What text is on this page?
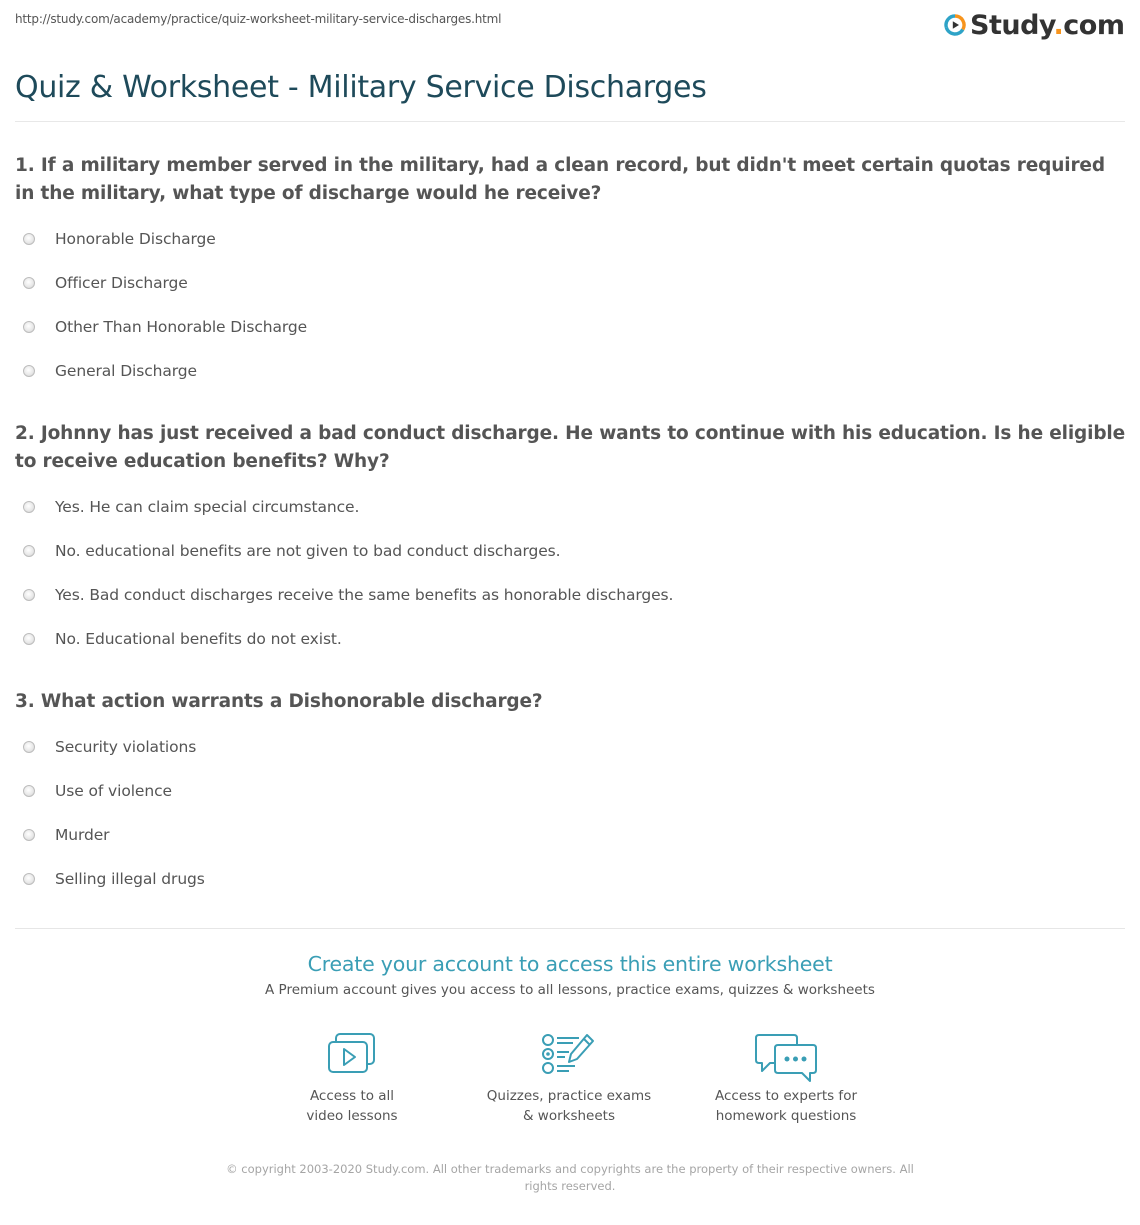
http://study.com/academy/practice/quiz-worksheet-military-service-discharges.html	Study.com
Quiz & Worksheet - Military Service Discharges
1. If a military member served in the military, had a clean record, but didn't meet certain quotas required in the military, what type of discharge would he receive?
Honorable Discharge
Officer Discharge
Other Than Honorable Discharge
General Discharge
2. Johnny has just received a bad conduct discharge. He wants to continue with his education. Is he eligible to receive education benefits? Why?
Yes. He can claim special circumstance.
No. educational benefits are not given to bad conduct discharges.
Yes. Bad conduct discharges receive the same benefits as honorable discharges.
No. Educational benefits do not exist.
3. What action warrants a Dishonorable discharge?
Security violations
Use of violence
Murder
Selling illegal drugs
Create your account to access this entire worksheet
A Premium account gives you access to all lessons, practice exams, quizzes & worksheets
Access to all
video lessons
Quizzes, practice exams
& worksheets
Access to experts for
homework questions
© copyright 2003-2020 Study.com. All other trademarks and copyrights are the property of their respective owners. All rights reserved.
